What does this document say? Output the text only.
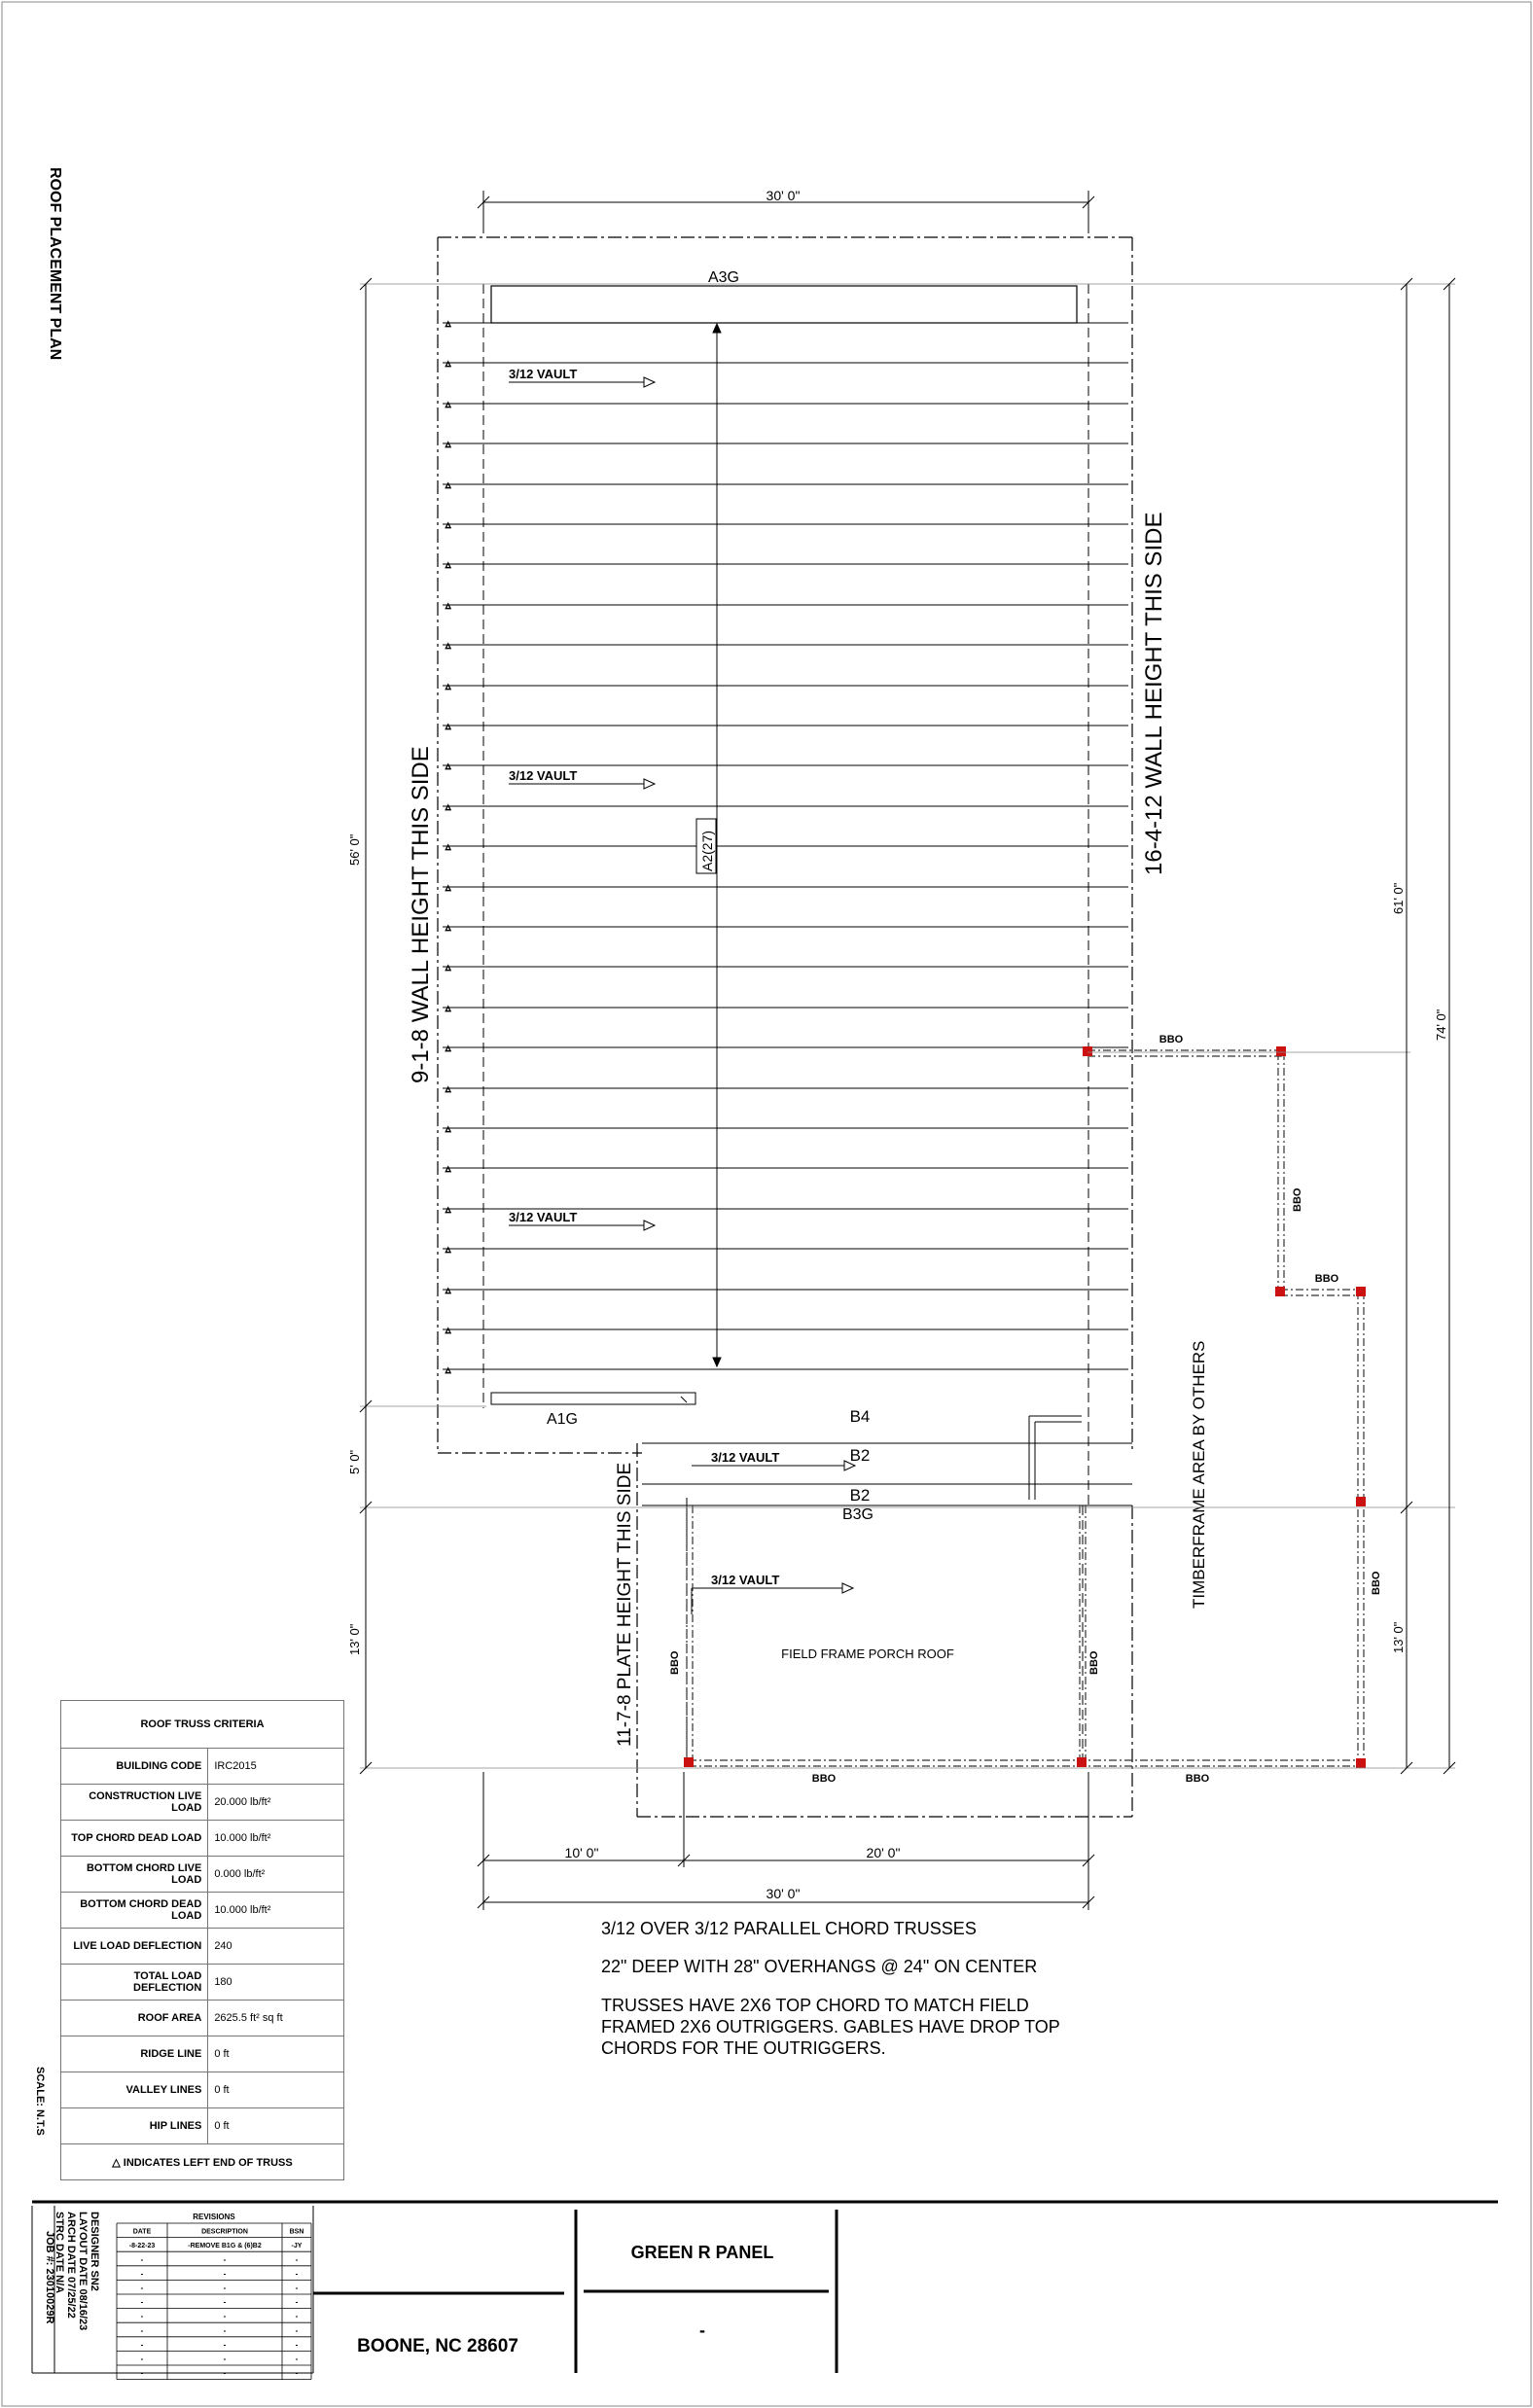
ROOF PLACEMENT PLAN
SCALE: N.T.S
30' 0"
△
△
△
△
△
△
△
△
△
△
△
△
△
△
△
△
△
△
△
△
△
△
△
△
△
△
△
A3G
A2(27)
3/12 VAULT
3/12 VAULT
3/12 VAULT
3/12 VAULT
3/12 VAULT
9-1-8 WALL HEIGHT THIS SIDE
16-4-12 WALL HEIGHT THIS SIDE
11-7-8 PLATE HEIGHT THIS SIDE	TIMBERFRAME AREA BY OTHERS
FIELD FRAME PORCH ROOF
A1G	B4
B2
B2
B3G
BBO
BBO
BBO
BBO
BBO	BBO
BBO	BBO
56' 0"
5' 0"
13' 0"
61' 0"
74' 0"
13' 0"
10' 0"	20' 0"
30' 0"
3/12 OVER 3/12 PARALLEL CHORD TRUSSES
22" DEEP WITH 28" OVERHANGS @ 24" ON CENTER
TRUSSES HAVE 2X6 TOP CHORD TO MATCH FIELD
FRAMED 2X6 OUTRIGGERS. GABLES HAVE DROP TOP
CHORDS FOR THE OUTRIGGERS.
JOB #: 23010029R	DESIGNER SN2
LAYOUT DATE 08/16/23
ARCH DATE 07/25/22
STRC DATE N/A	REVISIONS
DATE	DESCRIPTION	BSN
-8-22-23	-REMOVE B1G & (6)B2	-JY
-	-	-
-	-	-
-	-	-
-	-	-
-	-	-
-	-	-
-	-	-
-	-	-
-	-	-
BOONE, NC 28607
GREEN R PANEL
-
ROOF TRUSS CRITERIA	
BUILDING CODE	IRC2015
CONSTRUCTION LIVE LOAD	20.000 lb/ft²
TOP CHORD DEAD LOAD	10.000 lb/ft²
BOTTOM CHORD LIVE LOAD	0.000 lb/ft²
BOTTOM CHORD DEAD LOAD	10.000 lb/ft²
LIVE LOAD DEFLECTION	240
TOTAL LOAD DEFLECTION	180
ROOF AREA	2625.5 ft² sq ft
RIDGE LINE	0 ft
VALLEY LINES	0 ft
HIP LINES	0 ft
△ INDICATES LEFT END OF TRUSS	
